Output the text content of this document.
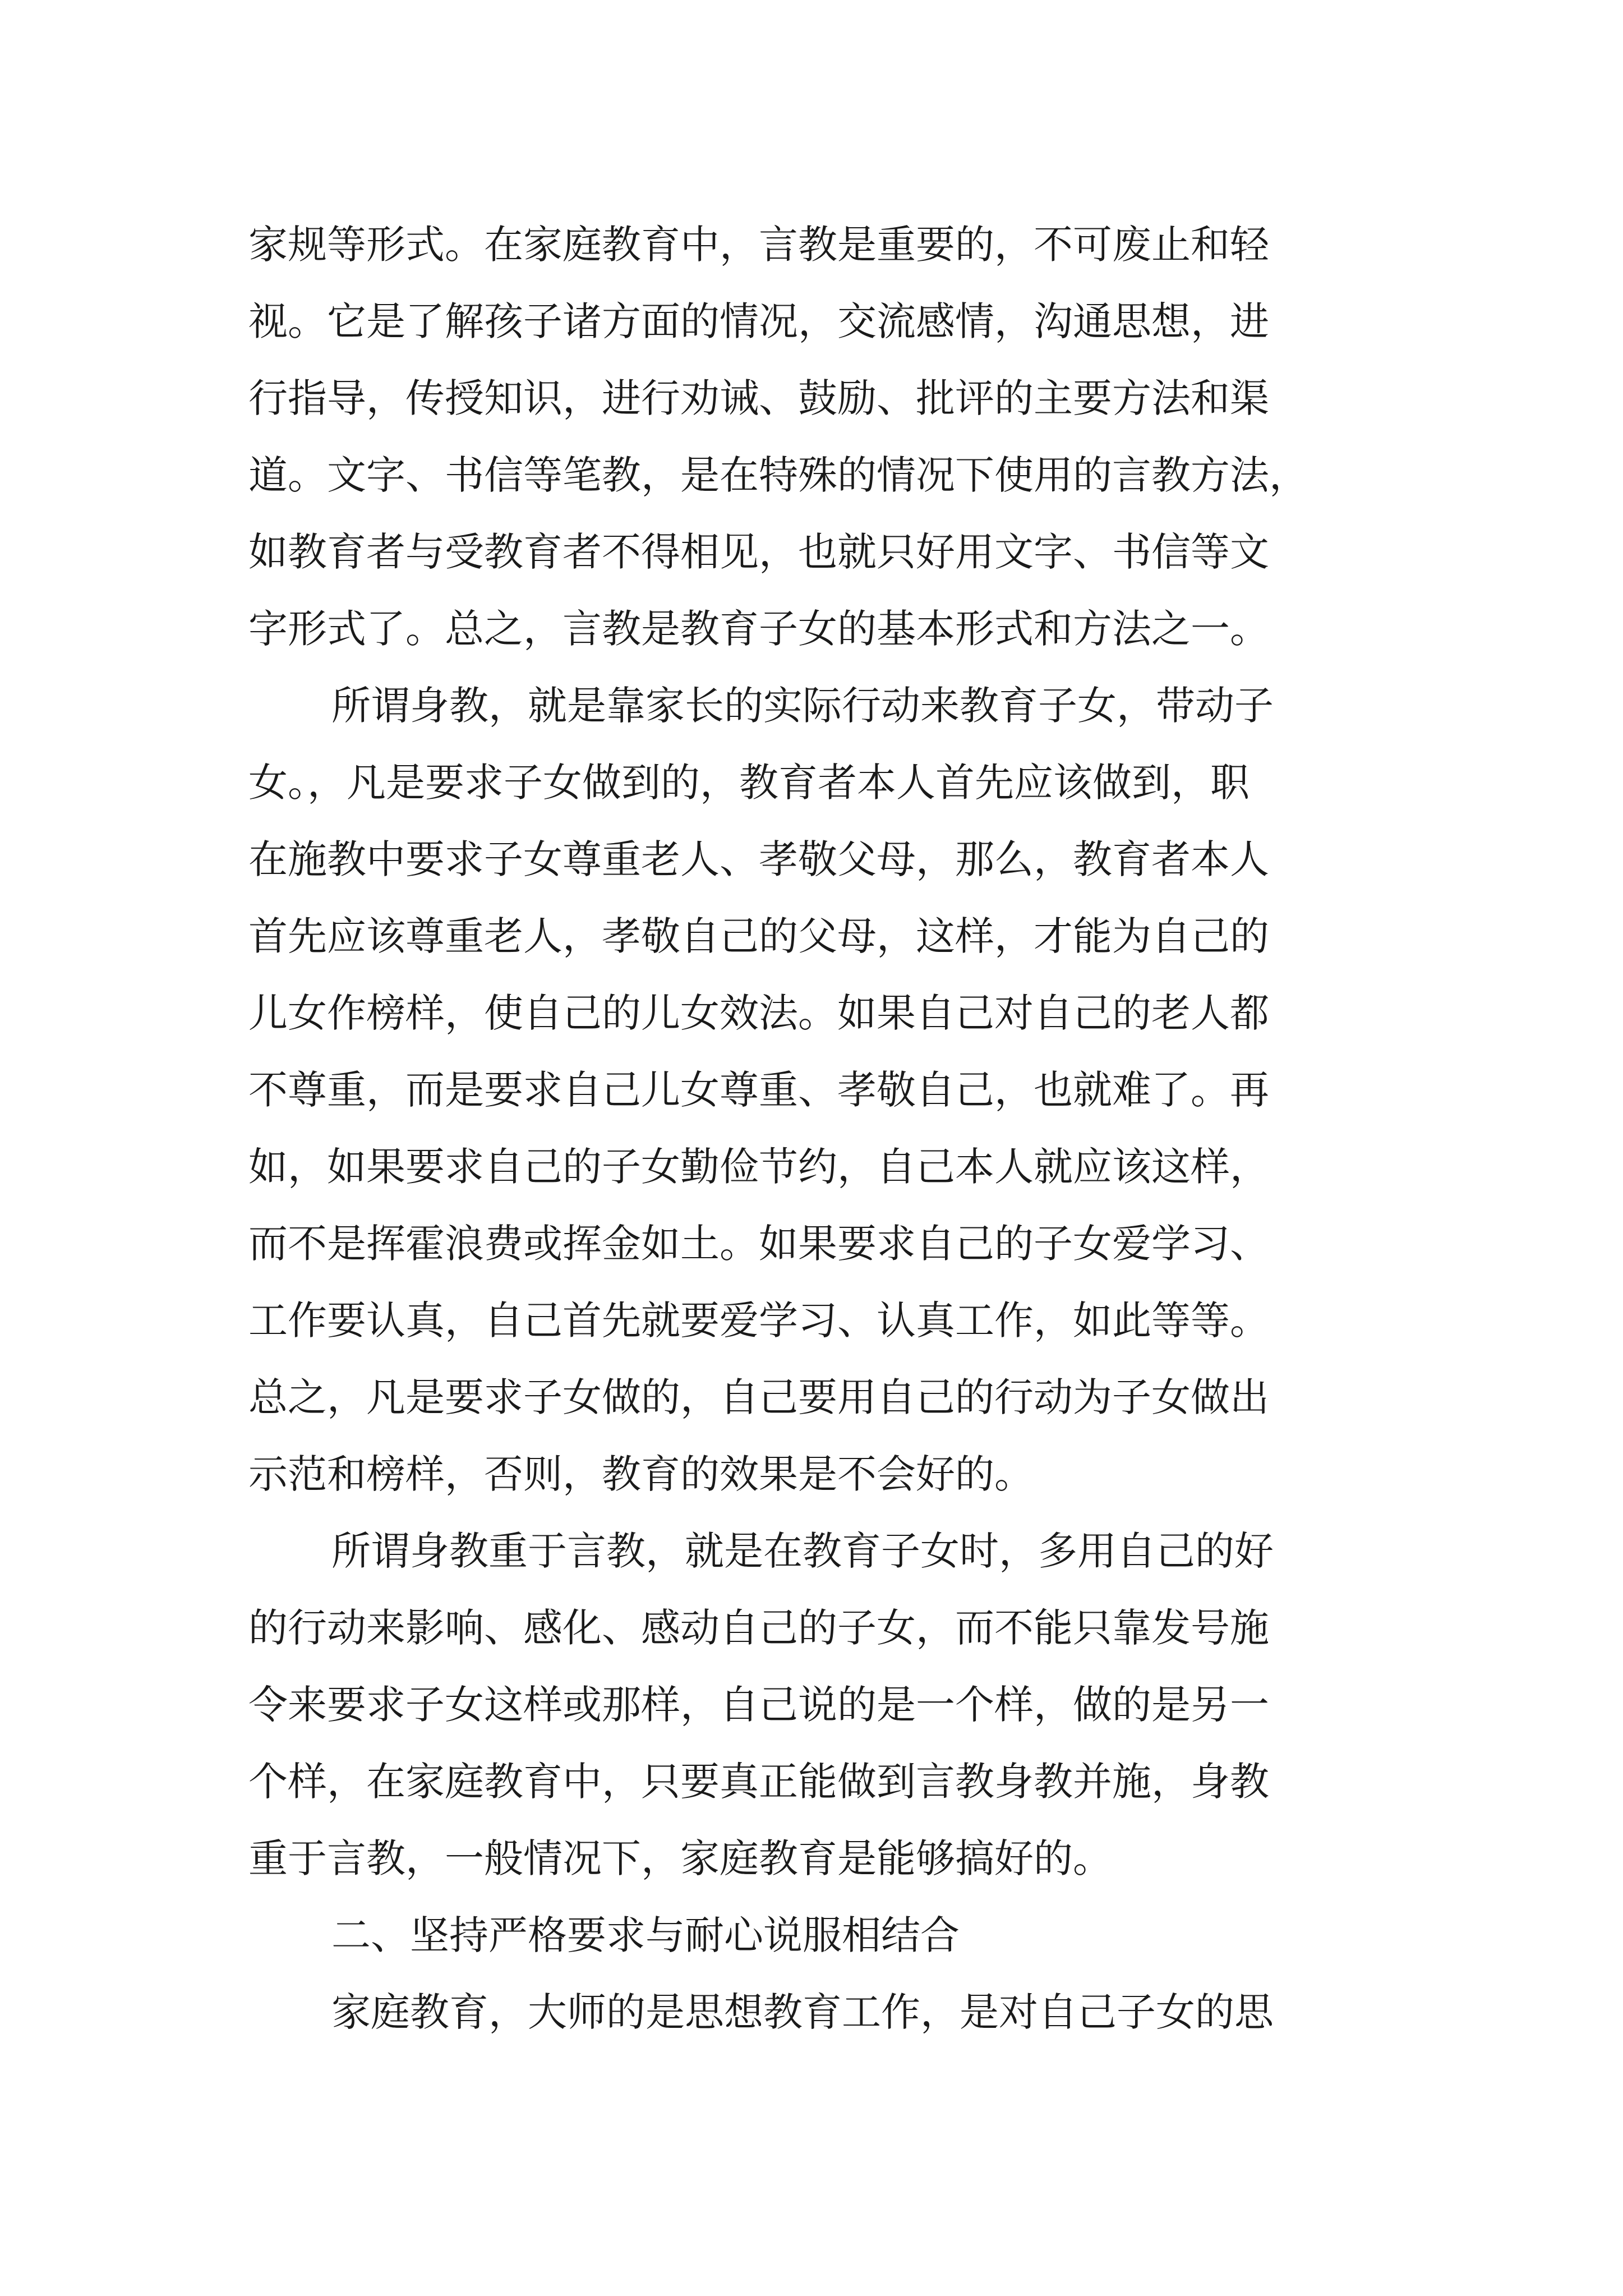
家规等形式。在家庭教育中，言教是重要的，不可废止和轻
视。它是了解孩子诸方面的情况，交流感情，沟通思想，进
行指导，传授知识，进行劝诫、鼓励、批评的主要方法和渠
道。文字、书信等笔教，是在特殊的情况下使用的言教方法，
如教育者与受教育者不得相见，也就只好用文字、书信等文
字形式了。总之，言教是教育子女的基本形式和方法之一。
所谓身教，就是靠家长的实际行动来教育子女，带动子
女。，凡是要求子女做到的，教育者本人首先应该做到，职
在施教中要求子女尊重老人、孝敬父母，那么，教育者本人
首先应该尊重老人，孝敬自己的父母，这样，才能为自己的
儿女作榜样，使自己的儿女效法。如果自己对自己的老人都
不尊重，而是要求自己儿女尊重、孝敬自己，也就难了。再
如，如果要求自己的子女勤俭节约，自己本人就应该这样，
而不是挥霍浪费或挥金如土。如果要求自己的子女爱学习、
工作要认真，自己首先就要爱学习、认真工作，如此等等。
总之，凡是要求子女做的，自己要用自己的行动为子女做出
示范和榜样，否则，教育的效果是不会好的。
所谓身教重于言教，就是在教育子女时，多用自己的好
的行动来影响、感化、感动自己的子女，而不能只靠发号施
令来要求子女这样或那样，自己说的是一个样，做的是另一
个样，在家庭教育中，只要真正能做到言教身教并施，身教
重于言教，一般情况下，家庭教育是能够搞好的。
二、坚持严格要求与耐心说服相结合
家庭教育，大师的是思想教育工作，是对自己子女的思
